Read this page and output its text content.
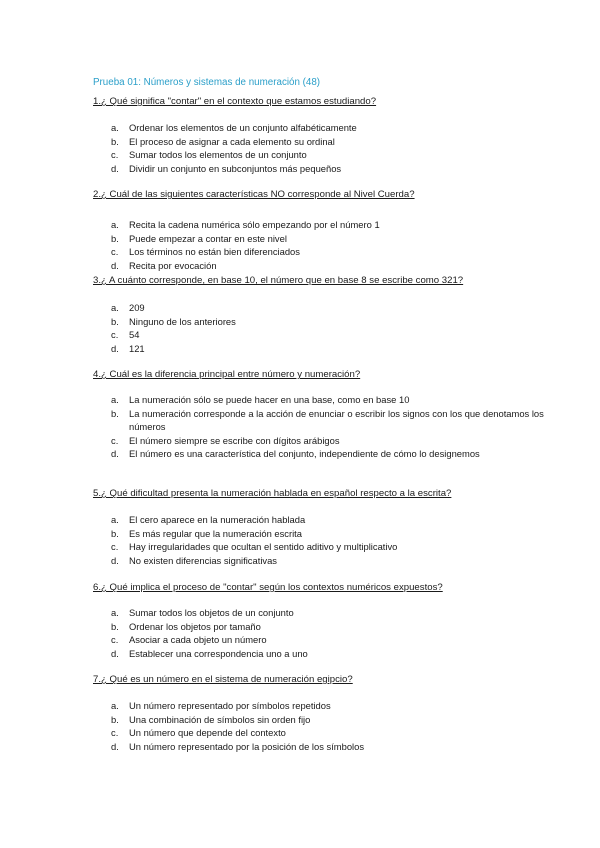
Prueba 01: Números y sistemas de numeración (48)
1.¿ Qué significa "contar" en el contexto que estamos estudiando?
a. Ordenar los elementos de un conjunto alfabéticamente
b. El proceso de asignar a cada elemento su ordinal
c. Sumar todos los elementos de un conjunto
d. Dividir un conjunto en subconjuntos más pequeños
2.¿ Cuál de las siguientes características NO corresponde al Nivel Cuerda?
a. Recita la cadena numérica sólo empezando por el número 1
b. Puede empezar a contar en este nivel
c. Los términos no están bien diferenciados
d. Recita por evocación
3.¿ A cuánto corresponde, en base 10, el número que en base 8 se escribe como 321?
a. 209
b. Ninguno de los anteriores
c. 54
d. 121
4.¿ Cuál es la diferencia principal entre número y numeración?
a. La numeración sólo se puede hacer en una base, como en base 10
b. La numeración corresponde a la acción de enunciar o escribir los signos con los que denotamos los números
c. El número siempre se escribe con dígitos arábigos
d. El número es una característica del conjunto, independiente de cómo lo designemos
5.¿ Qué dificultad presenta la numeración hablada en español respecto a la escrita?
a. El cero aparece en la numeración hablada
b. Es más regular que la numeración escrita
c. Hay irregularidades que ocultan el sentido aditivo y multiplicativo
d. No existen diferencias significativas
6.¿ Qué implica el proceso de "contar" según los contextos numéricos expuestos?
a. Sumar todos los objetos de un conjunto
b. Ordenar los objetos por tamaño
c. Asociar a cada objeto un número
d. Establecer una correspondencia uno a uno
7.¿ Qué es un número en el sistema de numeración egipcio?
a. Un número representado por símbolos repetidos
b. Una combinación de símbolos sin orden fijo
c. Un número que depende del contexto
d. Un número representado por la posición de los símbolos
